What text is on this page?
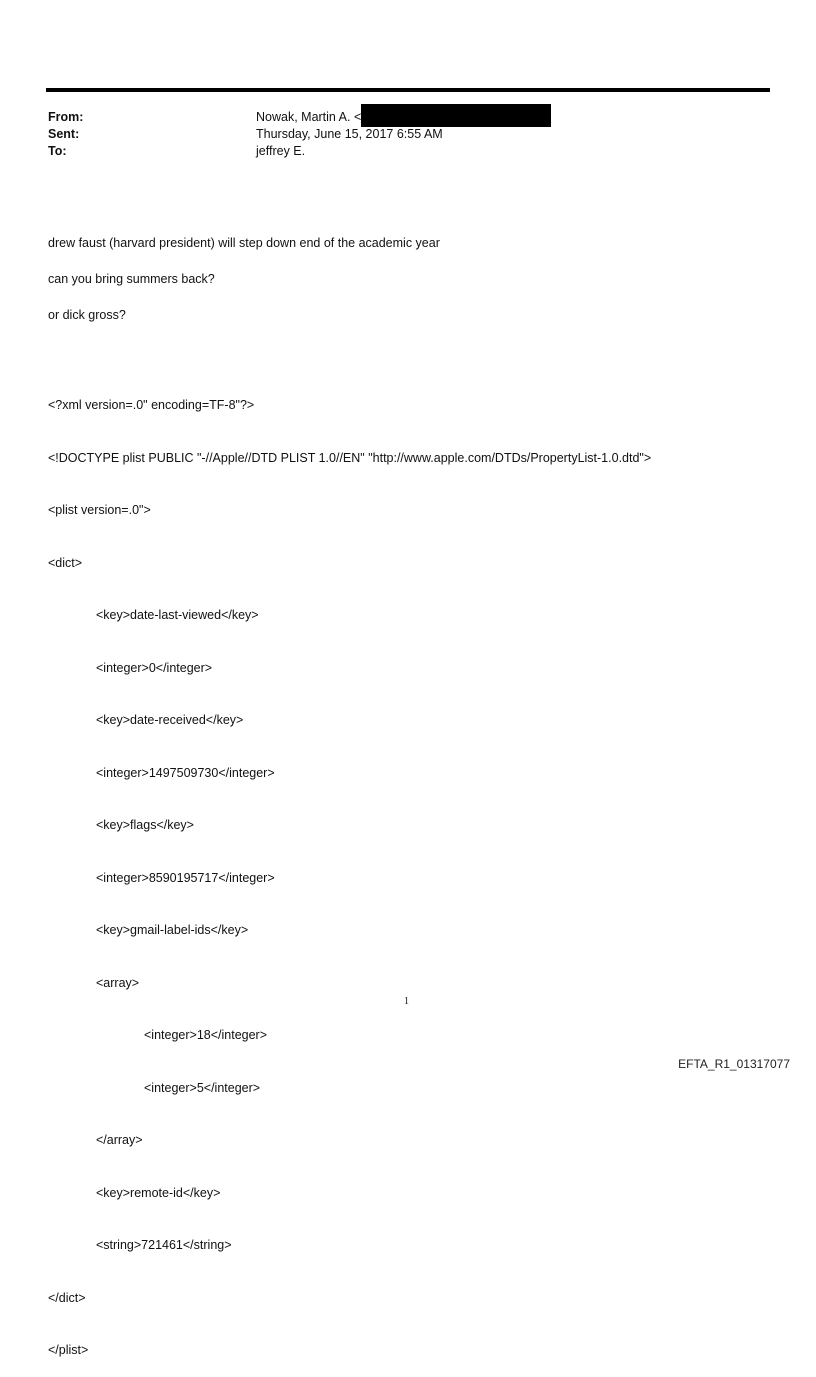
From:	Nowak, Martin A. <
Sent:	Thursday, June 15, 2017 6:55 AM
To:	jeffrey E.

drew faust (harvard president) will step down end of the academic year

can you bring summers back?

or dick gross?

<?xml version=.0" encoding=TF-8"?>

<!DOCTYPE plist PUBLIC "-//Apple//DTD PLIST 1.0//EN" "http://www.apple.com/DTDs/PropertyList-1.0.dtd">

<plist version=.0">

<dict>

<key>date-last-viewed</key>

<integer>0</integer>

<key>date-received</key>

<integer>1497509730</integer>

<key>flags</key>

<integer>8590195717</integer>

<key>gmail-label-ids</key>

<array>

<integer>18</integer>

<integer>5</integer>

</array>

<key>remote-id</key>

<string>721461</string>

</dict>

</plist>

1
EFTA_R1_01317077
